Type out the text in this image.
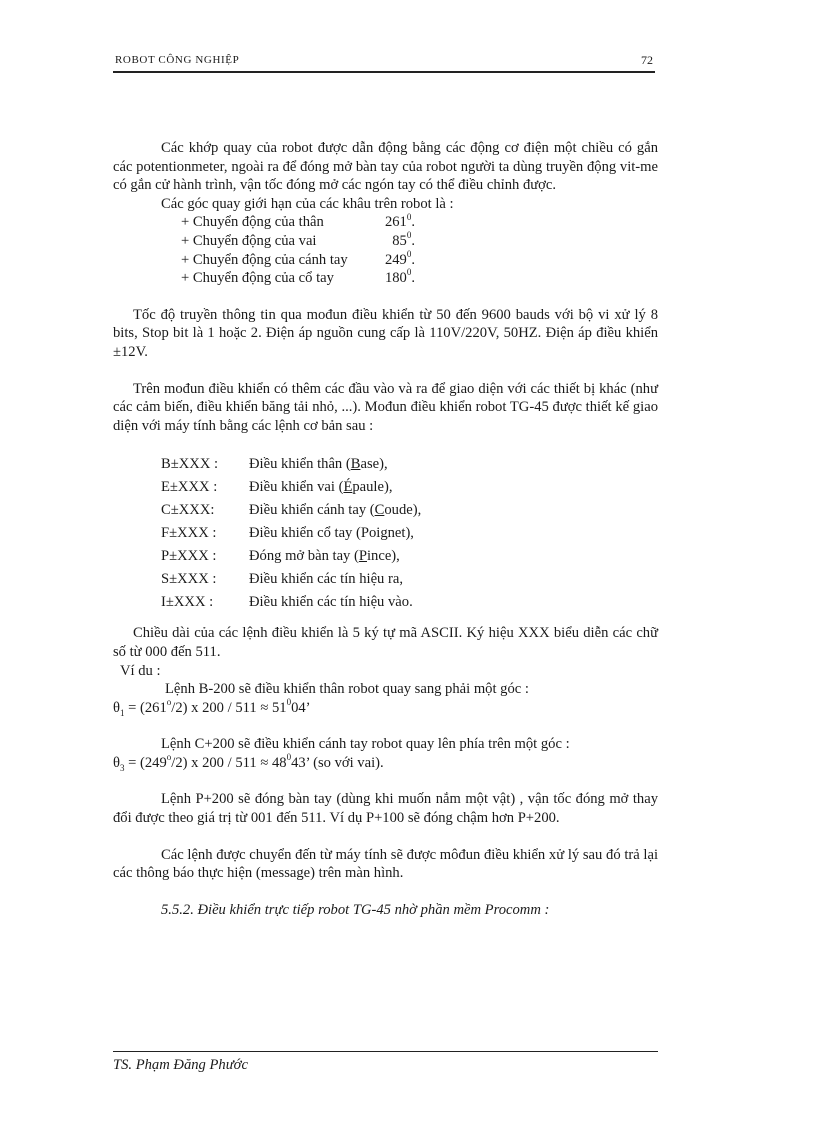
ROBOT CÔNG NGHIỆP	72

Các khớp quay của robot được dẫn động bằng các động cơ điện một chiều có gắn các potentionmeter, ngoài ra để đóng mở bàn tay của robot người ta dùng truyền động vit-me có gắn cử hành trình, vận tốc đóng mở các ngón tay có thể điều chỉnh được.

Các góc quay giới hạn của các khâu trên robot là :

+ Chuyển động của thân	$261^0$.
+ Chuyển động của vai	$85^0$.
+ Chuyển động của cánh tay	$249^0$.
+ Chuyển động của cổ tay	$180^0$.

Tốc độ truyền thông tin qua mođun điều khiển từ 50 đến 9600 bauds với bộ vi xử lý 8 bits, Stop bit là 1 hoặc 2. Điện áp nguồn cung cấp là 110V/220V, 50HZ. Điện áp điều khiển ±12V.

Trên mođun điều khiển có thêm các đầu vào và ra để giao diện với các thiết bị khác (như các cảm biến, điều khiển băng tải nhỏ, ...). Mođun điều khiển robot TG-45 được thiết kế giao diện với máy tính bằng các lệnh cơ bản sau :

B±XXX :	Điều khiển thân (Base),
E±XXX :	Điều khiển vai (Épaule),
C±XXX:	Điều khiển cánh tay (Coude),
F±XXX :	Điều khiển cổ tay (Poignet),
P±XXX :	Đóng mở bàn tay (Pince),
S±XXX :	Điều khiển các tín hiệu ra,
I±XXX :	Điều khiển các tín hiệu vào.

Chiều dài của các lệnh điều khiển là 5 ký tự mã ASCII. Ký hiệu XXX biểu diễn các chữ số từ 000 đến 511.

Ví du :

Lệnh B-200 sẽ điều khiển thân robot quay sang phải một góc :

$\theta_1 = (261^o/2)$ x $200 / 511 \approx 51^004$’

Lệnh C+200 sẽ điều khiển cánh tay robot quay lên phía trên một góc :

$\theta_3 = (249^o/2)$ x $200 / 511 \approx 48^043$’ (so với vai).

Lệnh P+200 sẽ đóng bàn tay (dùng khi muốn nắm một vật) , vận tốc đóng mở thay đổi được theo giá trị từ 001 đến 511. Ví dụ P+100 sẽ đóng chậm hơn P+200.

Các lệnh được chuyển đến từ máy tính sẽ được môđun điều khiển xử lý sau đó trả lại các thông báo thực hiện (message) trên màn hình.

5.5.2. Điều khiển trực tiếp robot TG-45 nhờ phần mềm Procomm :

TS. Phạm Đăng Phước
